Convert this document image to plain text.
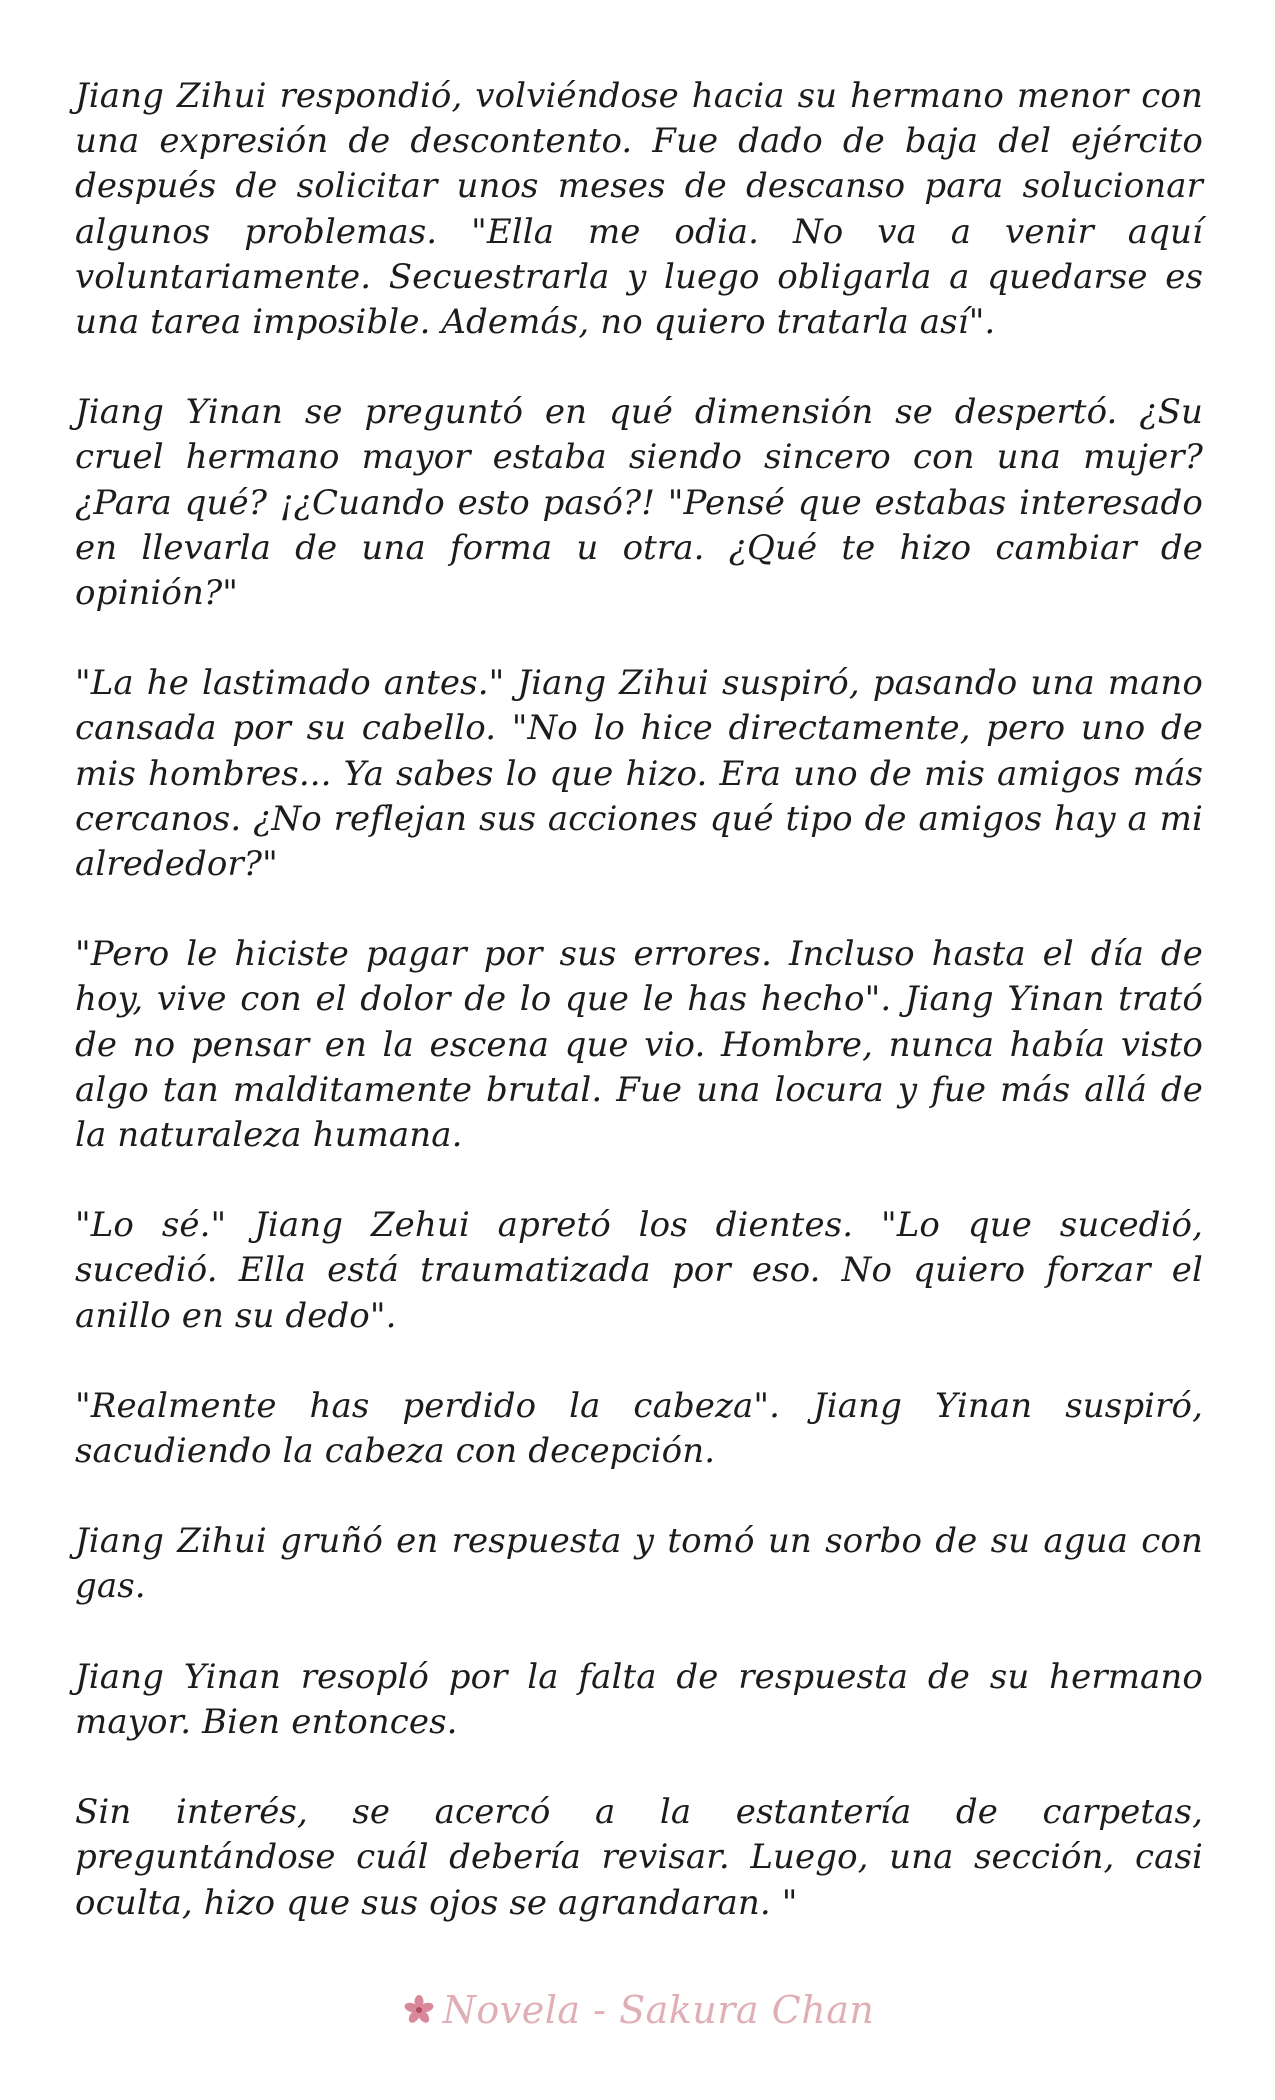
Jiang Zihui respondió, volviéndose hacia su hermano menor con una expresión de descontento. Fue dado de baja del ejército después de solicitar unos meses de descanso para solucionar algunos problemas. "Ella me odia. No va a venir aquí voluntariamente. Secuestrarla y luego obligarla a quedarse es una tarea imposible. Además, no quiero tratarla así".

Jiang Yinan se preguntó en qué dimensión se despertó. ¿Su cruel hermano mayor estaba siendo sincero con una mujer? ¿Para qué? ¡¿Cuando esto pasó?! "Pensé que estabas interesado en llevarla de una forma u otra. ¿Qué te hizo cambiar de opinión?"

"La he lastimado antes." Jiang Zihui suspiró, pasando una mano cansada por su cabello. "No lo hice directamente, pero uno de mis hombres... Ya sabes lo que hizo. Era uno de mis amigos más cercanos. ¿No reflejan sus acciones qué tipo de amigos hay a mi alrededor?"

"Pero le hiciste pagar por sus errores. Incluso hasta el día de hoy, vive con el dolor de lo que le has hecho". Jiang Yinan trató de no pensar en la escena que vio. Hombre, nunca había visto algo tan malditamente brutal. Fue una locura y fue más allá de la naturaleza humana.

"Lo sé." Jiang Zehui apretó los dientes. "Lo que sucedió, sucedió. Ella está traumatizada por eso. No quiero forzar el anillo en su dedo".

"Realmente has perdido la cabeza". Jiang Yinan suspiró, sacudiendo la cabeza con decepción.

Jiang Zihui gruñó en respuesta y tomó un sorbo de su agua con gas.

Jiang Yinan resopló por la falta de respuesta de su hermano mayor. Bien entonces.

Sin interés, se acercó a la estantería de carpetas, preguntándose cuál debería revisar. Luego, una sección, casi oculta, hizo que sus ojos se agrandaran. "

Novela - Sakura Chan
